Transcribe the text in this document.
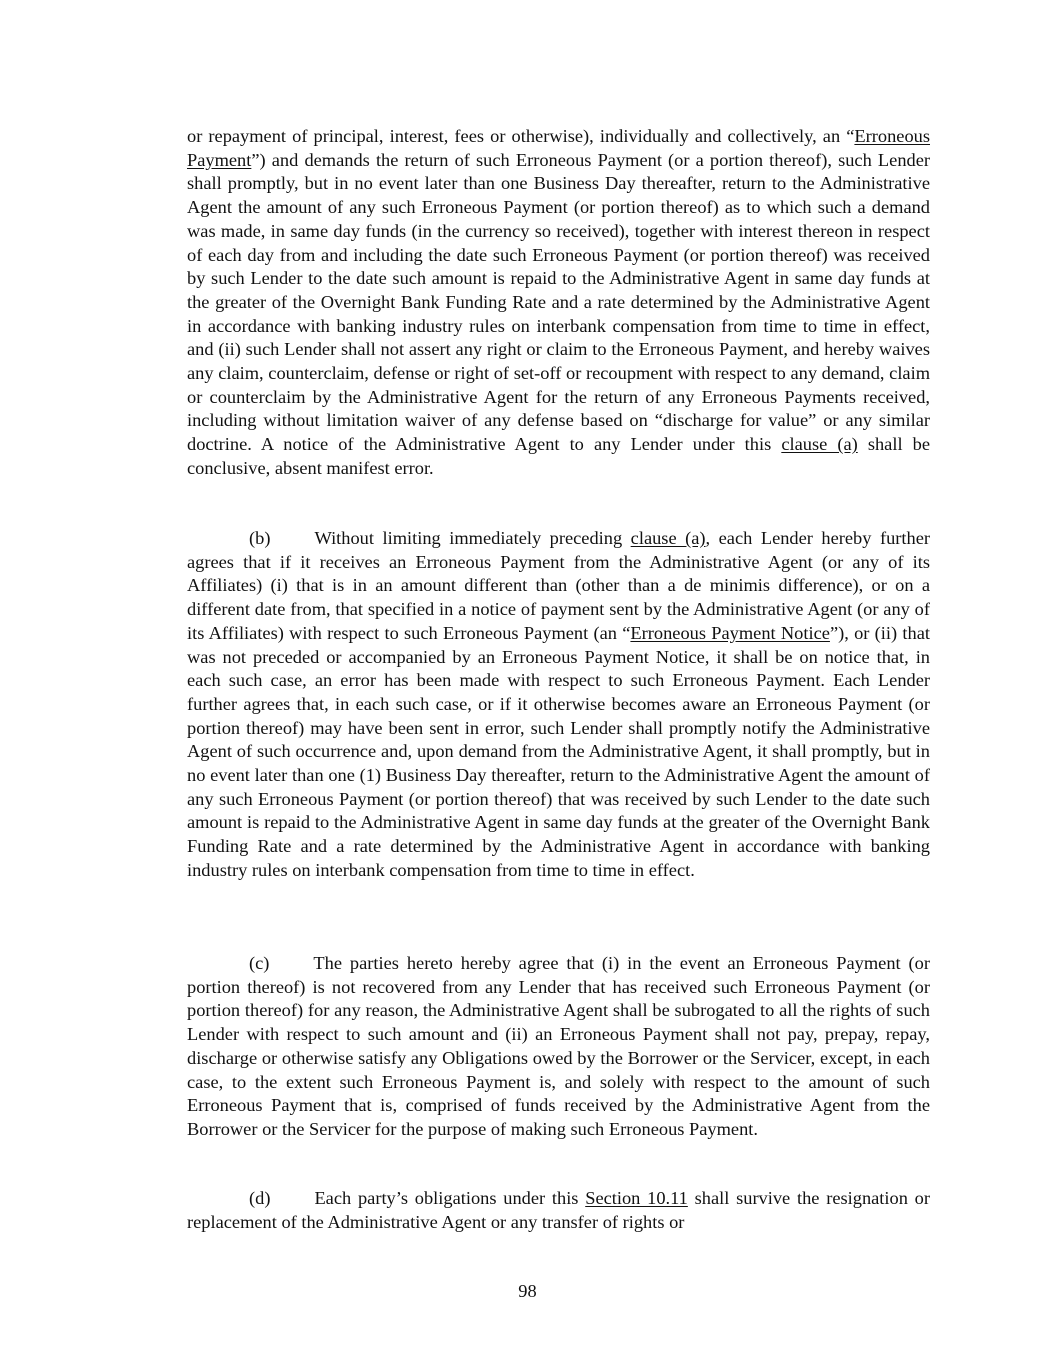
or repayment of principal, interest, fees or otherwise), individually and collectively, an “Erroneous Payment”) and demands the return of such Erroneous Payment (or a portion thereof), such Lender shall promptly, but in no event later than one Business Day thereafter, return to the Administrative Agent the amount of any such Erroneous Payment (or portion thereof) as to which such a demand was made, in same day funds (in the currency so received), together with interest thereon in respect of each day from and including the date such Erroneous Payment (or portion thereof) was received by such Lender to the date such amount is repaid to the Administrative Agent in same day funds at the greater of the Overnight Bank Funding Rate and a rate determined by the Administrative Agent in accordance with banking industry rules on interbank compensation from time to time in effect, and (ii) such Lender shall not assert any right or claim to the Erroneous Payment, and hereby waives any claim, counterclaim, defense or right of set-off or recoupment with respect to any demand, claim or counterclaim by the Administrative Agent for the return of any Erroneous Payments received, including without limitation waiver of any defense based on “discharge for value” or any similar doctrine. A notice of the Administrative Agent to any Lender under this clause (a) shall be conclusive, absent manifest error.

(b) Without limiting immediately preceding clause (a), each Lender hereby further agrees that if it receives an Erroneous Payment from the Administrative Agent (or any of its Affiliates) (i) that is in an amount different than (other than a de minimis difference), or on a different date from, that specified in a notice of payment sent by the Administrative Agent (or any of its Affiliates) with respect to such Erroneous Payment (an “Erroneous Payment Notice”), or (ii) that was not preceded or accompanied by an Erroneous Payment Notice, it shall be on notice that, in each such case, an error has been made with respect to such Erroneous Payment. Each Lender further agrees that, in each such case, or if it otherwise becomes aware an Erroneous Payment (or portion thereof) may have been sent in error, such Lender shall promptly notify the Administrative Agent of such occurrence and, upon demand from the Administrative Agent, it shall promptly, but in no event later than one (1) Business Day thereafter, return to the Administrative Agent the amount of any such Erroneous Payment (or portion thereof) that was received by such Lender to the date such amount is repaid to the Administrative Agent in same day funds at the greater of the Overnight Bank Funding Rate and a rate determined by the Administrative Agent in accordance with banking industry rules on interbank compensation from time to time in effect.

(c) The parties hereto hereby agree that (i) in the event an Erroneous Payment (or portion thereof) is not recovered from any Lender that has received such Erroneous Payment (or portion thereof) for any reason, the Administrative Agent shall be subrogated to all the rights of such Lender with respect to such amount and (ii) an Erroneous Payment shall not pay, prepay, repay, discharge or otherwise satisfy any Obligations owed by the Borrower or the Servicer, except, in each case, to the extent such Erroneous Payment is, and solely with respect to the amount of such Erroneous Payment that is, comprised of funds received by the Administrative Agent from the Borrower or the Servicer for the purpose of making such Erroneous Payment.

(d) Each party’s obligations under this Section 10.11 shall survive the resignation or replacement of the Administrative Agent or any transfer of rights or

98
